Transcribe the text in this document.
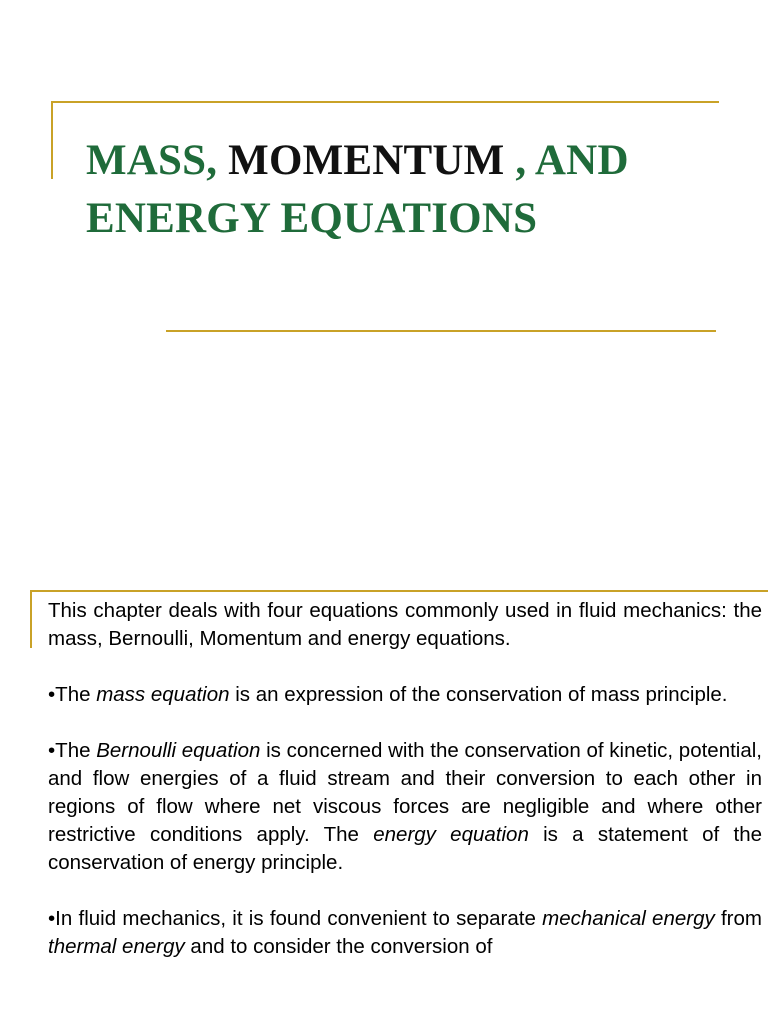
MASS, MOMENTUM , AND ENERGY EQUATIONS

This chapter deals with four equations commonly used in fluid mechanics: the mass, Bernoulli, Momentum and energy equations.

•The mass equation is an expression of the conservation of mass principle.

•The Bernoulli equation is concerned with the conservation of kinetic, potential, and flow energies of a fluid stream and their conversion to each other in regions of flow where net viscous forces are negligible and where other restrictive conditions apply. The energy equation is a statement of the conservation of energy principle.

•In fluid mechanics, it is found convenient to separate mechanical energy from thermal energy and to consider the conversion of
